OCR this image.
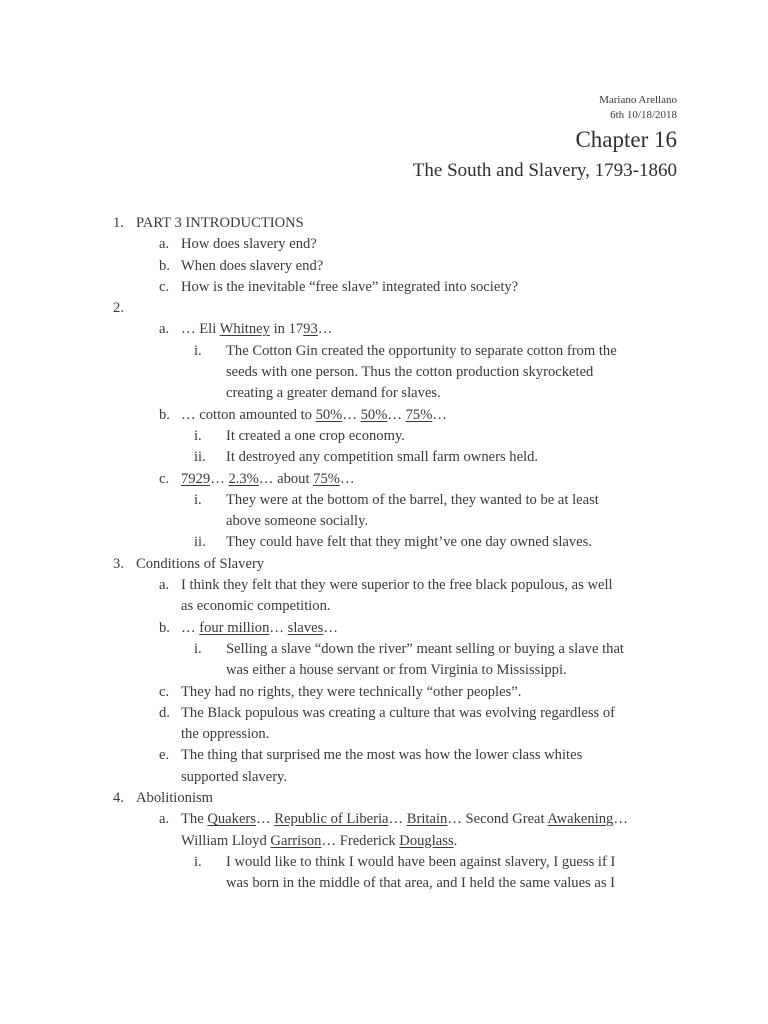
Mariano Arellano
6th 10/18/2018
Chapter 16
The South and Slavery, 1793-1860
1. PART 3 INTRODUCTIONS
a. How does slavery end?
b. When does slavery end?
c. How is the inevitable “free slave” integrated into society?
2.
a. … Eli Whitney in 1793…
i. The Cotton Gin created the opportunity to separate cotton from the
seeds with one person. Thus the cotton production skyrocketed
creating a greater demand for slaves.
b. … cotton amounted to 50%… 50%… 75%…
i. It created a one crop economy.
ii. It destroyed any competition small farm owners held.
c. 7929… 2.3%… about 75%…
i. They were at the bottom of the barrel, they wanted to be at least
above someone socially.
ii. They could have felt that they might’ve one day owned slaves.
3. Conditions of Slavery
a. I think they felt that they were superior to the free black populous, as well
as economic competition.
b. … four million… slaves…
i. Selling a slave “down the river” meant selling or buying a slave that
was either a house servant or from Virginia to Mississippi.
c. They had no rights, they were technically “other peoples”.
d. The Black populous was creating a culture that was evolving regardless of
the oppression.
e. The thing that surprised me the most was how the lower class whites
supported slavery.
4. Abolitionism
a. The Quakers… Republic of Liberia… Britain… Second Great Awakening…
William Lloyd Garrison… Frederick Douglass.
i. I would like to think I would have been against slavery, I guess if I
was born in the middle of that area, and I held the same values as I
